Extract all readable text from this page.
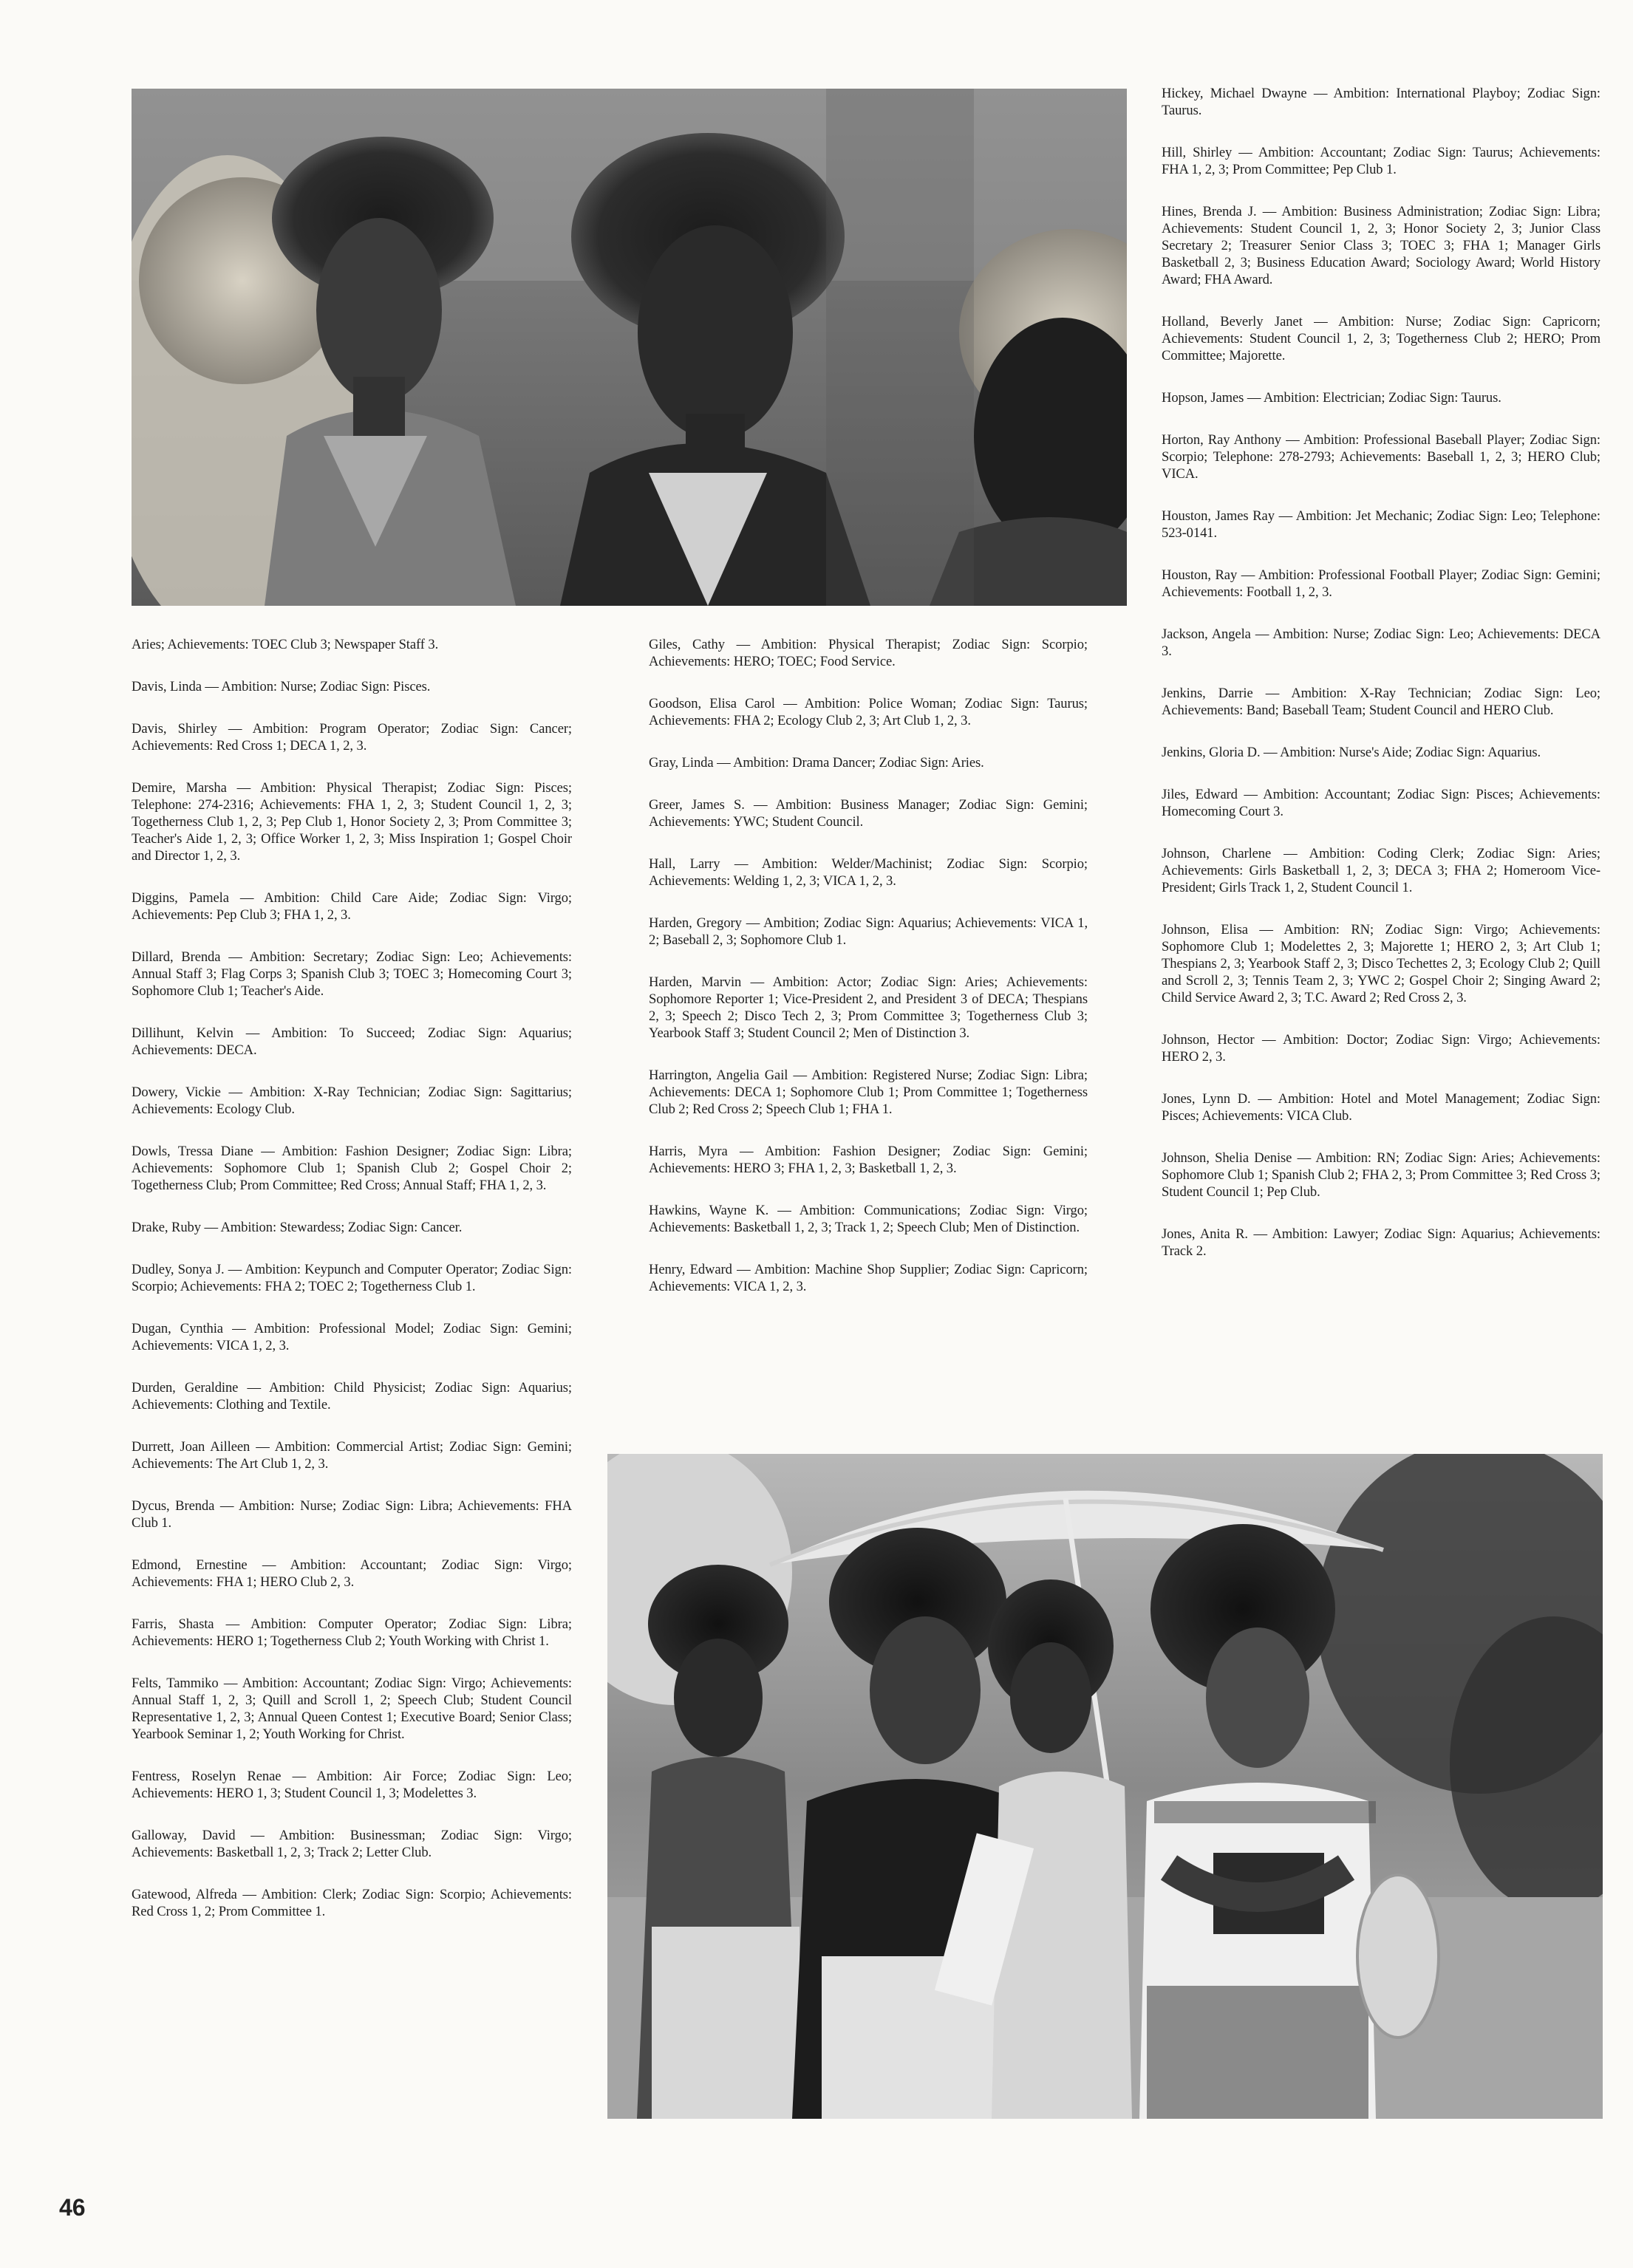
Aries; Achievements: TOEC Club 3; Newspaper Staff 3.

Davis, Linda — Ambition: Nurse; Zodiac Sign: Pisces.

Davis, Shirley — Ambition: Program Operator; Zodiac Sign: Cancer; Achievements: Red Cross 1; DECA 1, 2, 3.

Demire, Marsha — Ambition: Physical Therapist; Zodiac Sign: Pisces; Telephone: 274-2316; Achievements: FHA 1, 2, 3; Student Council 1, 2, 3; Togetherness Club 1, 2, 3; Pep Club 1, Honor Society 2, 3; Prom Committee 3; Teacher's Aide 1, 2, 3; Office Worker 1, 2, 3; Miss Inspiration 1; Gospel Choir and Director 1, 2, 3.

Diggins, Pamela — Ambition: Child Care Aide; Zodiac Sign: Virgo; Achievements: Pep Club 3; FHA 1, 2, 3.

Dillard, Brenda — Ambition: Secretary; Zodiac Sign: Leo; Achievements: Annual Staff 3; Flag Corps 3; Spanish Club 3; TOEC 3; Homecoming Court 3; Sophomore Club 1; Teacher's Aide.

Dillihunt, Kelvin — Ambition: To Succeed; Zodiac Sign: Aquarius; Achievements: DECA.

Dowery, Vickie — Ambition: X-Ray Technician; Zodiac Sign: Sagittarius; Achievements: Ecology Club.

Dowls, Tressa Diane — Ambition: Fashion Designer; Zodiac Sign: Libra; Achievements: Sophomore Club 1; Spanish Club 2; Gospel Choir 2; Togetherness Club; Prom Committee; Red Cross; Annual Staff; FHA 1, 2, 3.

Drake, Ruby — Ambition: Stewardess; Zodiac Sign: Cancer.

Dudley, Sonya J. — Ambition: Keypunch and Computer Operator; Zodiac Sign: Scorpio; Achievements: FHA 2; TOEC 2; Togetherness Club 1.

Dugan, Cynthia — Ambition: Professional Model; Zodiac Sign: Gemini; Achievements: VICA 1, 2, 3.

Durden, Geraldine — Ambition: Child Physicist; Zodiac Sign: Aquarius; Achievements: Clothing and Textile.

Durrett, Joan Ailleen — Ambition: Commercial Artist; Zodiac Sign: Gemini; Achievements: The Art Club 1, 2, 3.

Dycus, Brenda — Ambition: Nurse; Zodiac Sign: Libra; Achievements: FHA Club 1.

Edmond, Ernestine — Ambition: Accountant; Zodiac Sign: Virgo; Achievements: FHA 1; HERO Club 2, 3.

Farris, Shasta — Ambition: Computer Operator; Zodiac Sign: Libra; Achievements: HERO 1; Togetherness Club 2; Youth Working with Christ 1.

Felts, Tammiko — Ambition: Accountant; Zodiac Sign: Virgo; Achievements: Annual Staff 1, 2, 3; Quill and Scroll 1, 2; Speech Club; Student Council Representative 1, 2, 3; Annual Queen Contest 1; Executive Board; Senior Class; Yearbook Seminar 1, 2; Youth Working for Christ.

Fentress, Roselyn Renae — Ambition: Air Force; Zodiac Sign: Leo; Achievements: HERO 1, 3; Student Council 1, 3; Modelettes 3.

Galloway, David — Ambition: Businessman; Zodiac Sign: Virgo; Achievements: Basketball 1, 2, 3; Track 2; Letter Club.

Gatewood, Alfreda — Ambition: Clerk; Zodiac Sign: Scorpio; Achievements: Red Cross 1, 2; Prom Committee 1.

Giles, Cathy — Ambition: Physical Therapist; Zodiac Sign: Scorpio; Achievements: HERO; TOEC; Food Service.

Goodson, Elisa Carol — Ambition: Police Woman; Zodiac Sign: Taurus; Achievements: FHA 2; Ecology Club 2, 3; Art Club 1, 2, 3.

Gray, Linda — Ambition: Drama Dancer; Zodiac Sign: Aries.

Greer, James S. — Ambition: Business Manager; Zodiac Sign: Gemini; Achievements: YWC; Student Council.

Hall, Larry — Ambition: Welder/Machinist; Zodiac Sign: Scorpio; Achievements: Welding 1, 2, 3; VICA 1, 2, 3.

Harden, Gregory — Ambition; Zodiac Sign: Aquarius; Achievements: VICA 1, 2; Baseball 2, 3; Sophomore Club 1.

Harden, Marvin — Ambition: Actor; Zodiac Sign: Aries; Achievements: Sophomore Reporter 1; Vice-President 2, and President 3 of DECA; Thespians 2, 3; Speech 2; Disco Tech 2, 3; Prom Committee 3; Togetherness Club 3; Yearbook Staff 3; Student Council 2; Men of Distinction 3.

Harrington, Angelia Gail — Ambition: Registered Nurse; Zodiac Sign: Libra; Achievements: DECA 1; Sophomore Club 1; Prom Committee 1; Togetherness Club 2; Red Cross 2; Speech Club 1; FHA 1.

Harris, Myra — Ambition: Fashion Designer; Zodiac Sign: Gemini; Achievements: HERO 3; FHA 1, 2, 3; Basketball 1, 2, 3.

Hawkins, Wayne K. — Ambition: Communications; Zodiac Sign: Virgo; Achievements: Basketball 1, 2, 3; Track 1, 2; Speech Club; Men of Distinction.

Henry, Edward — Ambition: Machine Shop Supplier; Zodiac Sign: Capricorn; Achievements: VICA 1, 2, 3.

Hickey, Michael Dwayne — Ambition: International Playboy; Zodiac Sign: Taurus.

Hill, Shirley — Ambition: Accountant; Zodiac Sign: Taurus; Achievements: FHA 1, 2, 3; Prom Committee; Pep Club 1.

Hines, Brenda J. — Ambition: Business Administration; Zodiac Sign: Libra; Achievements: Student Council 1, 2, 3; Honor Society 2, 3; Junior Class Secretary 2; Treasurer Senior Class 3; TOEC 3; FHA 1; Manager Girls Basketball 2, 3; Business Education Award; Sociology Award; World History Award; FHA Award.

Holland, Beverly Janet — Ambition: Nurse; Zodiac Sign: Capricorn; Achievements: Student Council 1, 2, 3; Togetherness Club 2; HERO; Prom Committee; Majorette.

Hopson, James — Ambition: Electrician; Zodiac Sign: Taurus.

Horton, Ray Anthony — Ambition: Professional Baseball Player; Zodiac Sign: Scorpio; Telephone: 278-2793; Achievements: Baseball 1, 2, 3; HERO Club; VICA.

Houston, James Ray — Ambition: Jet Mechanic; Zodiac Sign: Leo; Telephone: 523-0141.

Houston, Ray — Ambition: Professional Football Player; Zodiac Sign: Gemini; Achievements: Football 1, 2, 3.

Jackson, Angela — Ambition: Nurse; Zodiac Sign: Leo; Achievements: DECA 3.

Jenkins, Darrie — Ambition: X-Ray Technician; Zodiac Sign: Leo; Achievements: Band; Baseball Team; Student Council and HERO Club.

Jenkins, Gloria D. — Ambition: Nurse's Aide; Zodiac Sign: Aquarius.

Jiles, Edward — Ambition: Accountant; Zodiac Sign: Pisces; Achievements: Homecoming Court 3.

Johnson, Charlene — Ambition: Coding Clerk; Zodiac Sign: Aries; Achievements: Girls Basketball 1, 2, 3; DECA 3; FHA 2; Homeroom Vice-President; Girls Track 1, 2, Student Council 1.

Johnson, Elisa — Ambition: RN; Zodiac Sign: Virgo; Achievements: Sophomore Club 1; Modelettes 2, 3; Majorette 1; HERO 2, 3; Art Club 1; Thespians 2, 3; Yearbook Staff 2, 3; Disco Techettes 2, 3; Ecology Club 2; Quill and Scroll 2, 3; Tennis Team 2, 3; YWC 2; Gospel Choir 2; Singing Award 2; Child Service Award 2, 3; T.C. Award 2; Red Cross 2, 3.

Johnson, Hector — Ambition: Doctor; Zodiac Sign: Virgo; Achievements: HERO 2, 3.

Jones, Lynn D. — Ambition: Hotel and Motel Management; Zodiac Sign: Pisces; Achievements: VICA Club.

Johnson, Shelia Denise — Ambition: RN; Zodiac Sign: Aries; Achievements: Sophomore Club 1; Spanish Club 2; FHA 2, 3; Prom Committee 3; Red Cross 3; Student Council 1; Pep Club.

Jones, Anita R. — Ambition: Lawyer; Zodiac Sign: Aquarius; Achievements: Track 2.

46
